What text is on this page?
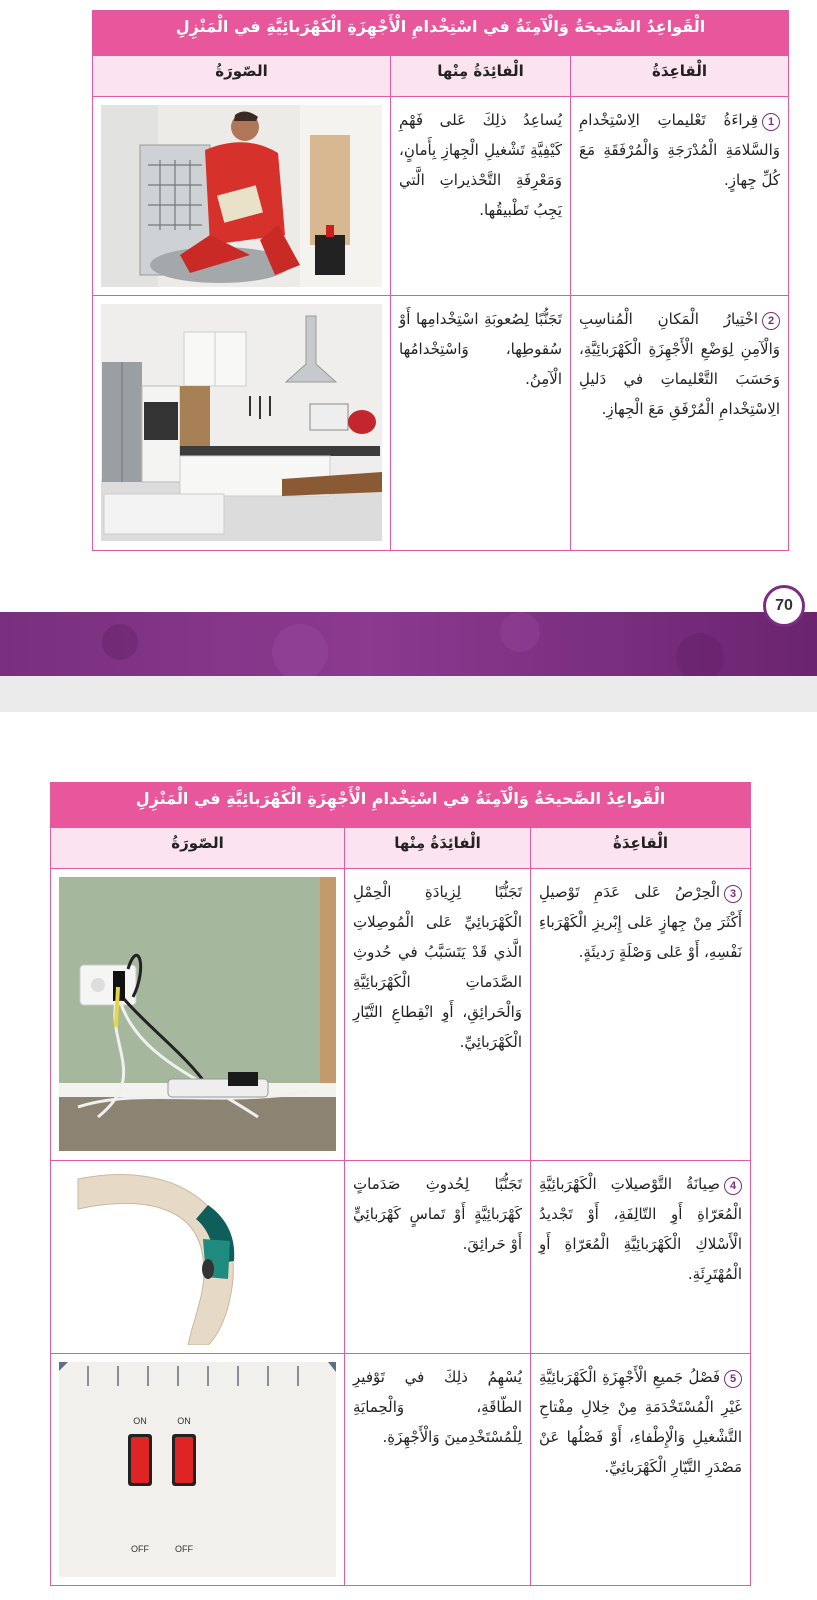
الْقَواعِدُ الصَّحيحَةُ وَالْآمِنَةُ في اسْتِخْدامِ الْأَجْهِزَةِ الْكَهْرَبائِيَّةِ في الْمَنْزِلِ		
الْقاعِدَةُ	الْفائِدَةُ مِنْها	الصّورَةُ
1قِراءَةُ تَعْليماتِ الِاسْتِخْدامِ وَالسَّلامَةِ الْمُدْرَجَةِ وَالْمُرْفَقَةِ مَعَ كُلِّ جِهازٍ.	يُساعِدُ ذلِكَ عَلى فَهْمِ كَيْفِيَّةِ تَشْغيلِ الْجِهازِ بِأَمانٍ، وَمَعْرِفَةِ التَّحْذيراتِ الَّتي يَجِبُ تَطْبيقُها.	

2اخْتِيارُ الْمَكانِ الْمُناسِبِ وَالْآمِنِ لِوَضْعِ الْأَجْهِزَةِ الْكَهْرَبائِيَّةِ، وَحَسَبَ التَّعْليماتِ في دَليلِ الِاسْتِخْدامِ الْمُرْفَقِ مَعَ الْجِهازِ.	تَجَنُّبًا لِصُعوبَةِ اسْتِخْدامِها أَوْ سُقوطِها، وَاسْتِخْدامُها الْآمِنُ.	
70
الْقَواعِدُ الصَّحيحَةُ وَالْآمِنَةُ في اسْتِخْدامِ الْأَجْهِزَةِ الْكَهْرَبائِيَّةِ في الْمَنْزِلِ		
الْقاعِدَةُ	الْفائِدَةُ مِنْها	الصّورَةُ
3الْحِرْصُ عَلى عَدَمِ تَوْصيلِ أَكْثَرَ مِنْ جِهازٍ عَلى إِبْريزِ الْكَهْرَباءِ نَفْسِهِ، أَوْ عَلى وَصْلَةٍ رَديئَةٍ.	تَجَنُّبًا لِزِيادَةِ الْحِمْلِ الْكَهْرَبائِيِّ عَلى الْمُوصِلاتِ الَّذي قَدْ يَتَسَبَّبُ في حُدوثِ الصَّدَماتِ الْكَهْرَبائِيَّةِ وَالْحَرائِقِ، أَوِ انْقِطاعِ التَّيّارِ الْكَهْرَبائِيِّ.	

4صِيانَةُ التَّوْصيلاتِ الْكَهْرَبائِيَّةِ الْمُعَرّاةِ أَوِ التّالِفَةِ، أَوْ تَجْديدُ الْأَسْلاكِ الْكَهْرَبائِيَّةِ الْمُعَرّاةِ أَوِ الْمُهْتَرِئَةِ.	تَجَنُّبًا لِحُدوثِ صَدَماتٍ كَهْرَبائِيَّةٍ أَوْ تَماسٍ كَهْرَبائِيٍّ أَوْ حَرائِقَ.	

5فَصْلُ جَميعِ الْأَجْهِزَةِ الْكَهْرَبائِيَّةِ غَيْرِ الْمُسْتَخْدَمَةِ مِنْ خِلالِ مِفْتاحِ التَّشْغيلِ وَالْإِطْفاءِ، أَوْ فَصْلُها عَنْ مَصْدَرِ التَّيّارِ الْكَهْرَبائِيِّ.	يُسْهِمُ ذلِكَ في تَوْفيرِ الطّاقَةِ، وَالْحِمايَةِ لِلْمُسْتَخْدِمينَ وَالْأَجْهِزَةِ.	ON ON
OFF OFF
